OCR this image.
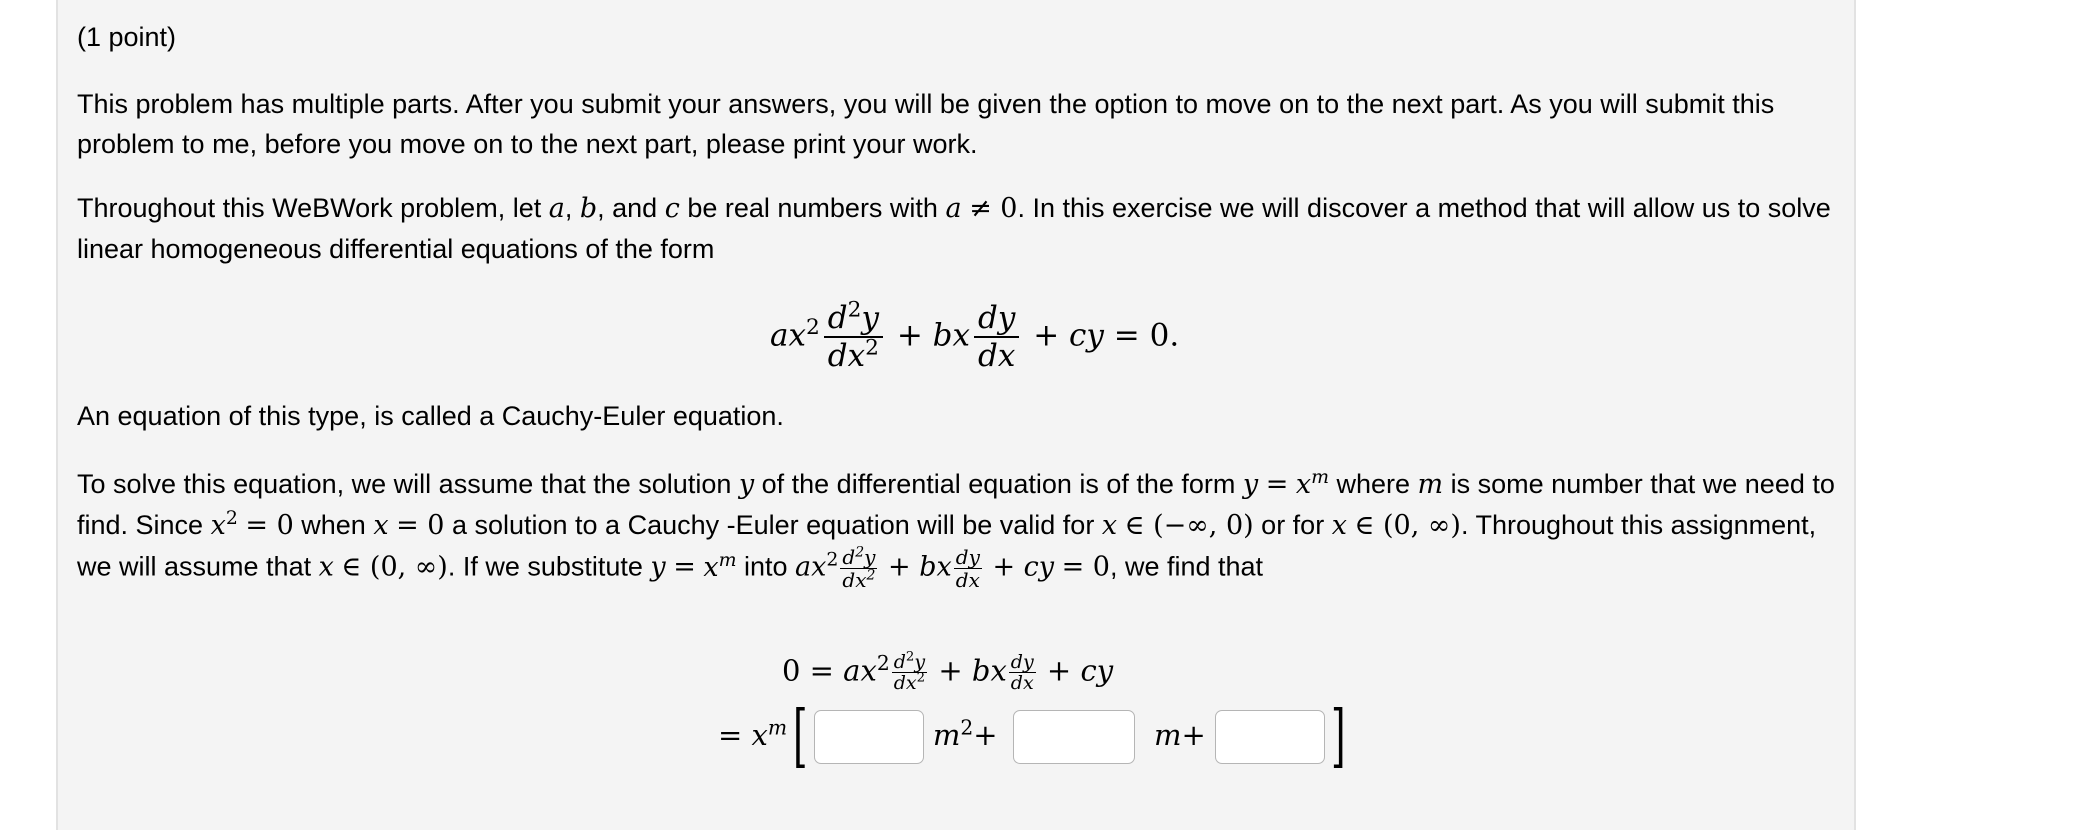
(1 point)

This problem has multiple parts. After you submit your answers, you will be given the option to move on to the next part. As you will submit this problem to me, before you move on to the next part, please print your work.

Throughout this WeBWork problem, let a, b, and c be real numbers with a ≠ 0. In this exercise we will discover a method that will allow us to solve linear homogeneous differential equations of the form

An equation of this type, is called a Cauchy-Euler equation.

To solve this equation, we will assume that the solution y of the differential equation is of the form $y = x^m$ where m is some number that we need to find. Since $x^2 = 0$ when x = 0 a solution to a Cauchy -Euler equation will be valid for x ∈ (−∞, 0) or for x ∈ (0, ∞). Throughout this assignment, we will assume that x ∈ (0, ∞). If we substitute $y = x^m$ into $ax^2 \frac{d^2y}{dx^2}$ + bx $\frac{dy}{dx}$ + cy = 0, we find that

$ax^2 \frac{d^2y}{dx^2}$ + bx $\frac{dy}{dx}$ + cy = 0.
$0 = ax^2 \frac{d^2y}{dx^2}$ + bx $\frac{dy}{dx}$ + cy
= $x^m$[	$m^2+$	m+ ]
